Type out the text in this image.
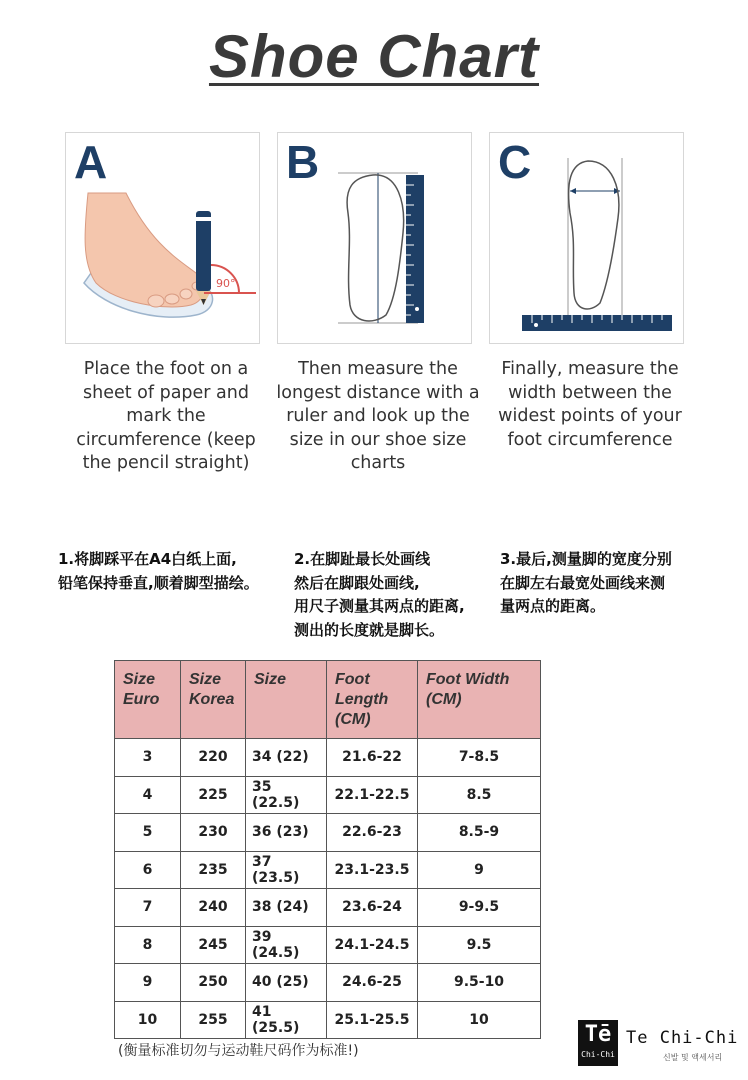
Shoe Chart
90°
A	B	C
Place the foot on a sheet of paper and mark the circumference (keep the pencil straight)
Then measure the longest distance with a ruler and look up the size in our shoe size charts
Finally, measure the width between the widest points of your foot circumference
1.将脚踩平在A4白纸上面,
铅笔保持垂直,顺着脚型描绘。
2.在脚趾最长处画线
然后在脚跟处画线,
用尺子测量其两点的距离,
测出的长度就是脚长。
3.最后,测量脚的宽度分别
在脚左右最宽处画线来测
量两点的距离。
Size Euro	Size Korea	Size	Foot Length (CM)	Foot Width (CM)
3	220	34 (22)	21.6-22	7-8.5
4	225	35 (22.5)	22.1-22.5	8.5
5	230	36 (23)	22.6-23	8.5-9
6	235	37 (23.5)	23.1-23.5	9
7	240	38 (24)	23.6-24	9-9.5
8	245	39 (24.5)	24.1-24.5	9.5
9	250	40 (25)	24.6-25	9.5-10
10	255	41 (25.5)	25.1-25.5	10
(衡量标准切勿与运动鞋尺码作为标准!)
Tē
Chi-Chi
Te Chi-Chi
신발 및 액세서리
